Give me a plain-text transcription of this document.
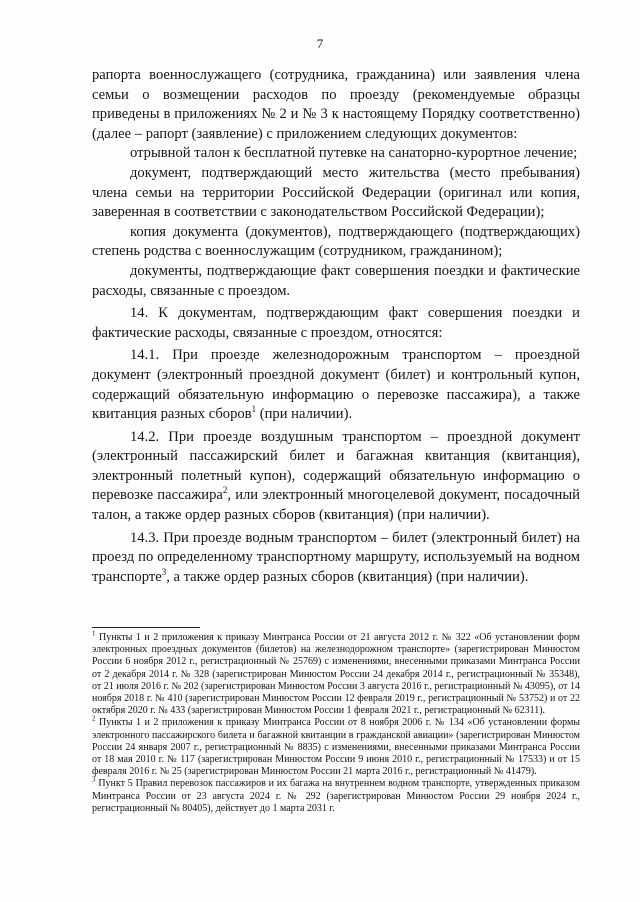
7

рапорта военнослужащего (сотрудника, гражданина) или заявления члена семьи о возмещении расходов по проезду (рекомендуемые образцы приведены в приложениях № 2 и № 3 к настоящему Порядку соответственно) (далее – рапорт (заявление) с приложением следующих документов:

отрывной талон к бесплатной путевке на санаторно-курортное лечение;

документ, подтверждающий место жительства (место пребывания) члена семьи на территории Российской Федерации (оригинал или копия, заверенная в соответствии с законодательством Российской Федерации);

копия документа (документов), подтверждающего (подтверждающих) степень родства с военнослужащим (сотрудником, гражданином);

документы, подтверждающие факт совершения поездки и фактические расходы, связанные с проездом.

14. К документам, подтверждающим факт совершения поездки и фактические расходы, связанные с проездом, относятся:

14.1. При проезде железнодорожным транспортом – проездной документ (электронный проездной документ (билет) и контрольный купон, содержащий обязательную информацию о перевозке пассажира), а также квитанция разных сборов$^1$ (при наличии).

14.2. При проезде воздушным транспортом – проездной документ (электронный пассажирский билет и багажная квитанция (квитанция), электронный полетный купон), содержащий обязательную информацию о перевозке пассажира$^2$, или электронный многоцелевой документ, посадочный талон, а также ордер разных сборов (квитанция) (при наличии).

14.3. При проезде водным транспортом – билет (электронный билет) на проезд по определенному транспортному маршруту, используемый на водном транспорте$^3$, а также ордер разных сборов (квитанция) (при наличии).

$^1$ Пункты 1 и 2 приложения к приказу Минтранса России от 21 августа 2012 г. № 322 «Об установлении форм электронных проездных документов (билетов) на железнодорожном транспорте» (зарегистрирован Минюстом России 6 ноября 2012 г., регистрационный № 25769) с изменениями, внесенными приказами Минтранса России от 2 декабря 2014 г. № 328 (зарегистрирован Минюстом России 24 декабря 2014 г., регистрационный № 35348), от 21 июля 2016 г. № 202 (зарегистрирован Минюстом России 3 августа 2016 г., регистрационный № 43095), от 14 ноября 2018 г. № 410 (зарегистрирован Минюстом России 12 февраля 2019 г., регистрационный № 53752) и от 22 октября 2020 г. № 433 (зарегистрирован Минюстом России 1 февраля 2021 г., регистрационный № 62311).

$^2$ Пункты 1 и 2 приложения к приказу Минтранса России от 8 ноября 2006 г. № 134 «Об установлении формы электронного пассажирского билета и багажной квитанции в гражданской авиации» (зарегистрирован Минюстом России 24 января 2007 г., регистрационный № 8835) с изменениями, внесенными приказами Минтранса России от 18 мая 2010 г. № 117 (зарегистрирован Минюстом России 9 июня 2010 г., регистрационный № 17533) и от 15 февраля 2016 г. № 25 (зарегистрирован Минюстом России 21 марта 2016 г., регистрационный № 41479).

$^3$ Пункт 5 Правил перевозок пассажиров и их багажа на внутреннем водном транспорте, утвержденных приказом Минтранса России от 23 августа 2024 г. № 292 (зарегистрирован Минюстом России 29 ноября 2024 г., регистрационный № 80405), действует до 1 марта 2031 г.
